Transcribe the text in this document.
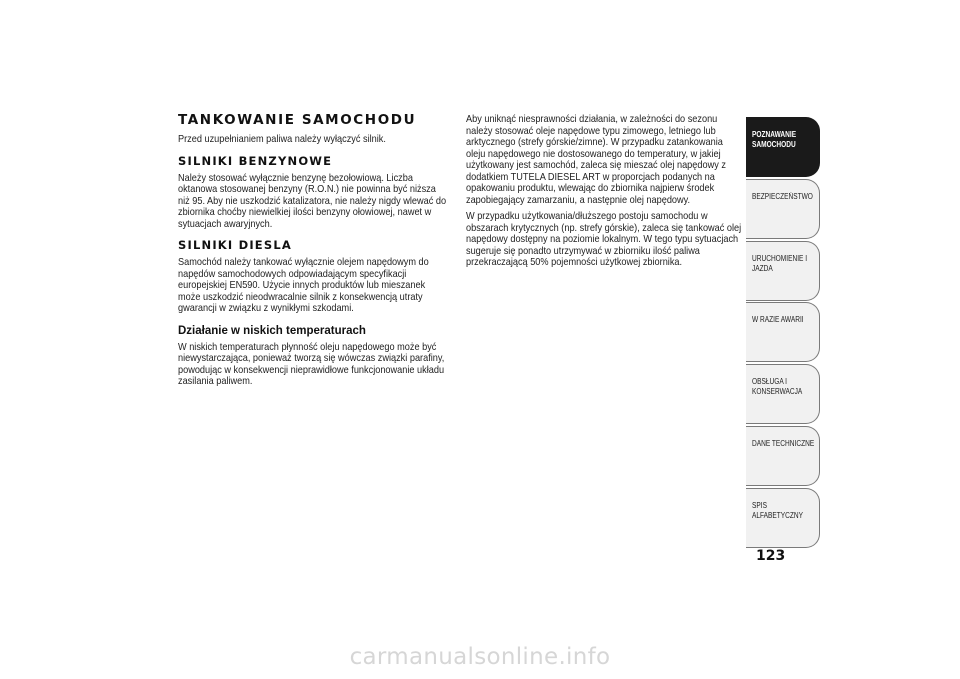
TANKOWANIE SAMOCHODU

Przed uzupełnianiem paliwa należy wyłączyć silnik.

SILNIKI BENZYNOWE

Należy stosować wyłącznie benzynę bezołowiową. Liczba oktanowa stosowanej benzyny (R.O.N.) nie powinna być niższa niż 95. Aby nie uszkodzić katalizatora, nie należy nigdy wlewać do zbiornika choćby niewielkiej ilości benzyny ołowiowej, nawet w sytuacjach awaryjnych.

SILNIKI DIESLA

Samochód należy tankować wyłącznie olejem napędowym do napędów samochodowych odpowiadającym specyfikacji europejskiej EN590. Użycie innych produktów lub mieszanek może uszkodzić nieodwracalnie silnik z konsekwencją utraty gwarancji w związku z wynikłymi szkodami.

Działanie w niskich temperaturach

W niskich temperaturach płynność oleju napędowego może być niewystarczająca, ponieważ tworzą się wówczas związki parafiny, powodując w konsekwencji nieprawidłowe funkcjonowanie układu zasilania paliwem.

Aby uniknąć niesprawności działania, w zależności do sezonu należy stosować oleje napędowe typu zimowego, letniego lub arktycznego (strefy górskie/zimne). W przypadku zatankowania oleju napędowego nie dostosowanego do temperatury, w jakiej użytkowany jest samochód, zaleca się mieszać olej napędowy z dodatkiem TUTELA DIESEL ART w proporcjach podanych na opakowaniu produktu, wlewając do zbiornika najpierw środek zapobiegający zamarzaniu, a następnie olej napędowy.

W przypadku użytkowania/dłuższego postoju samochodu w obszarach krytycznych (np. strefy górskie), zaleca się tankować olej napędowy dostępny na poziomie lokalnym. W tego typu sytuacjach sugeruje się ponadto utrzymywać w zbiorniku ilość paliwa przekraczającą 50% pojemności użytkowej zbiornika.

POZNAWANIE SAMOCHODU
BEZPIECZEŃSTWO
URUCHOMIENIE I JAZDA
W RAZIE AWARII
OBSŁUGA I KONSERWACJA
DANE TECHNICZNE
SPIS ALFABETYCZNY
123
carmanualsonline.info
